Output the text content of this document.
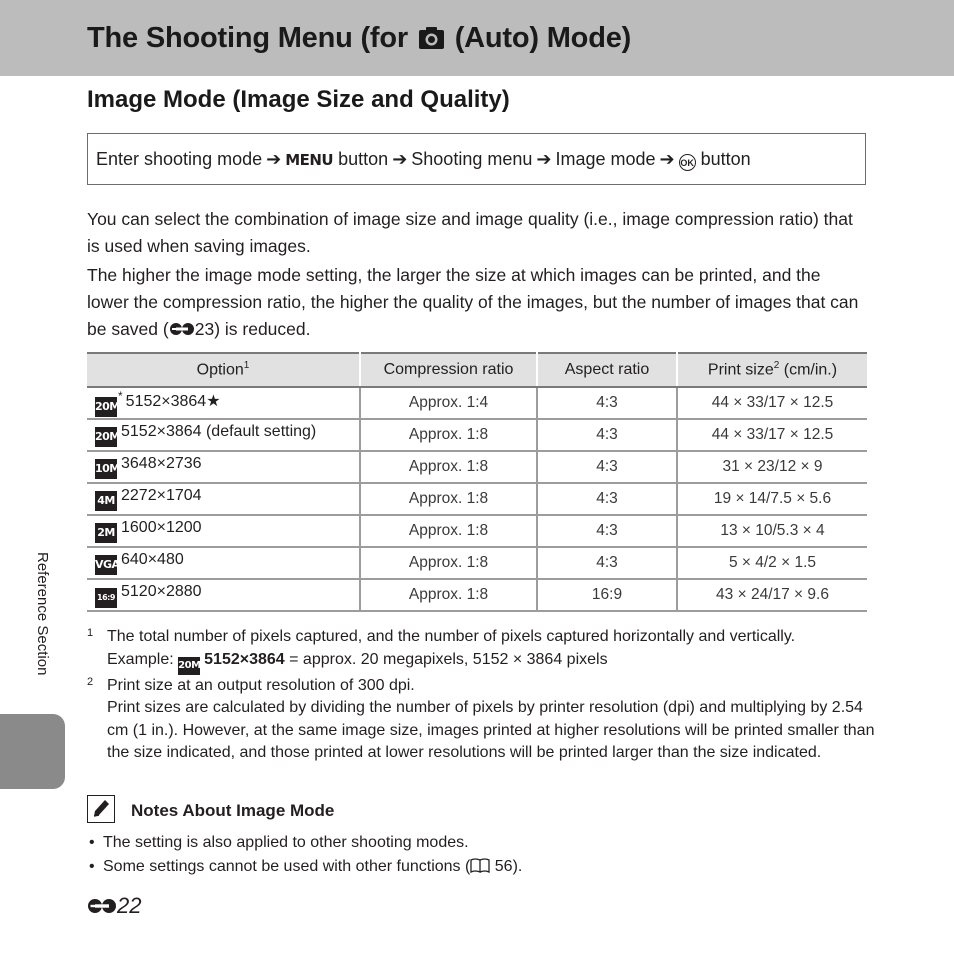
The Shooting Menu (for (Auto) Mode)
Image Mode (Image Size and Quality)
Enter shooting mode ➔ MENU button ➔ Shooting menu ➔ Image mode ➔ OK button

You can select the combination of image size and image quality (i.e., image compression ratio) that is used when saving images.

The higher the image mode setting, the larger the size at which images can be printed, and the lower the compression ratio, the higher the quality of the images, but the number of images that can be saved ( 23) is reduced.

Option$^1$	Compression ratio	Aspect ratio	Print size$^2$ (cm/in.)
20M* 5152×3864★	Approx. 1:4	4:3	44 × 33/17 × 12.5
20M5152×3864 (default setting)	Approx. 1:8	4:3	44 × 33/17 × 12.5
10M3648×2736	Approx. 1:8	4:3	31 × 23/12 × 9
4M 2272×1704	Approx. 1:8	4:3	19 × 14/7.5 × 5.6
2M 1600×1200	Approx. 1:8	4:3	13 × 10/5.3 × 4
VGA640×480	Approx. 1:8	4:3	5 × 4/2 × 1.5
16:9 5120×2880	Approx. 1:8	16:9	43 × 24/17 × 9.6
1 The total number of pixels captured, and the number of pixels captured horizontally and vertically.

Example: 20M 5152×3864 = approx. 20 megapixels, 5152 × 3864 pixels

2 Print size at an output resolution of 300 dpi.

Print sizes are calculated by dividing the number of pixels by printer resolution (dpi) and multiplying by 2.54 cm (1 in.). However, at the same image size, images printed at higher resolutions will be printed smaller than the size indicated, and those printed at lower resolutions will be printed larger than the size indicated.

Notes About Image Mode
• The setting is also applied to other shooting modes.
• Some settings cannot be used with other functions ( 56).
22
Reference Section
